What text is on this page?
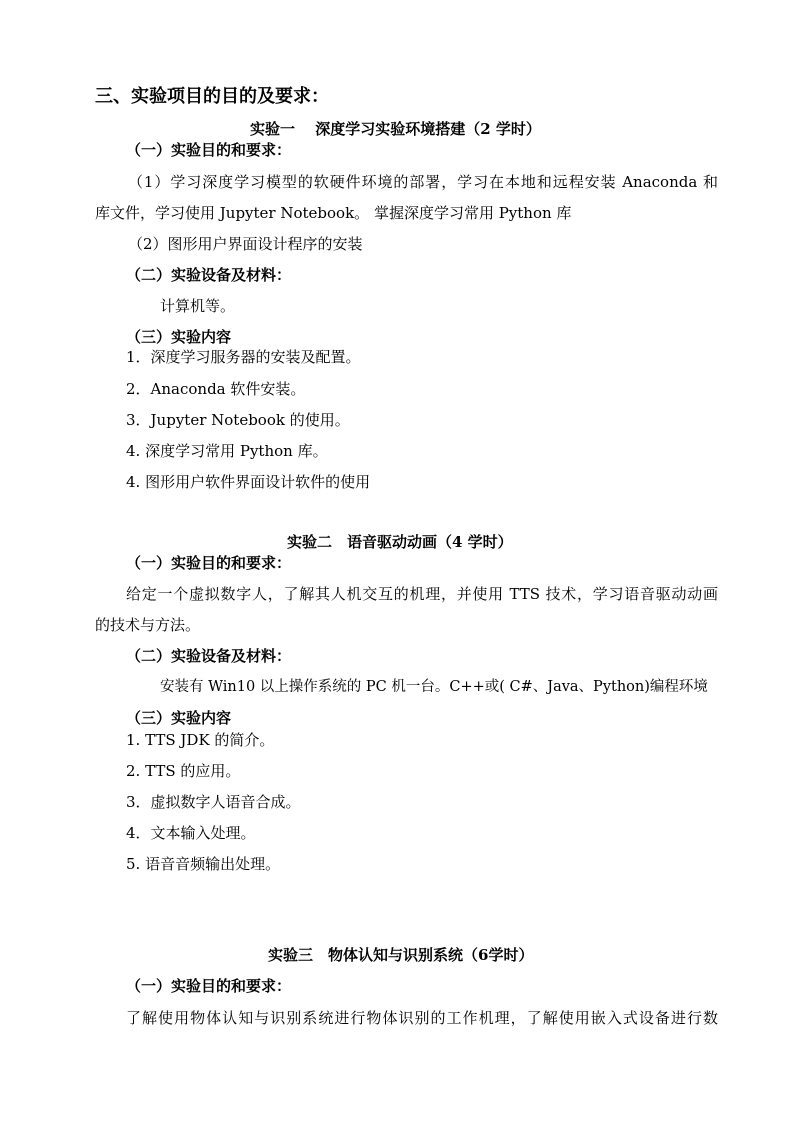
三、实验项目的目的及要求：
实验一　 深度学习实验环境搭建（2 学时）
（一）实验目的和要求：
（1）学习深度学习模型的软硬件环境的部署，学习在本地和远程安装 Anaconda 和
库文件，学习使用 Jupyter Notebook。 掌握深度学习常用 Python 库
（2）图形用户界面设计程序的安装
（二）实验设备及材料：
计算机等。
（三）实验内容
1．深度学习服务器的安装及配置。
2．Anaconda 软件安装。
3．Jupyter Notebook 的使用。
4. 深度学习常用 Python 库。
4. 图形用户软件界面设计软件的使用
实验二　语音驱动动画（4 学时）
（一）实验目的和要求：
给定一个虚拟数字人，了解其人机交互的机理，并使用 TTS 技术，学习语音驱动动画
的技术与方法。
（二）实验设备及材料：
安装有 Win10 以上操作系统的 PC 机一台。C++或( C#、Java、Python)编程环境
（三）实验内容
1. TTS JDK 的简介。
2. TTS 的应用。
3．虚拟数字人语音合成。
4．文本输入处理。
5. 语音音频输出处理。
实验三　物体认知与识别系统（6学时）
（一）实验目的和要求：
了解使用物体认知与识别系统进行物体识别的工作机理，了解使用嵌入式设备进行数
